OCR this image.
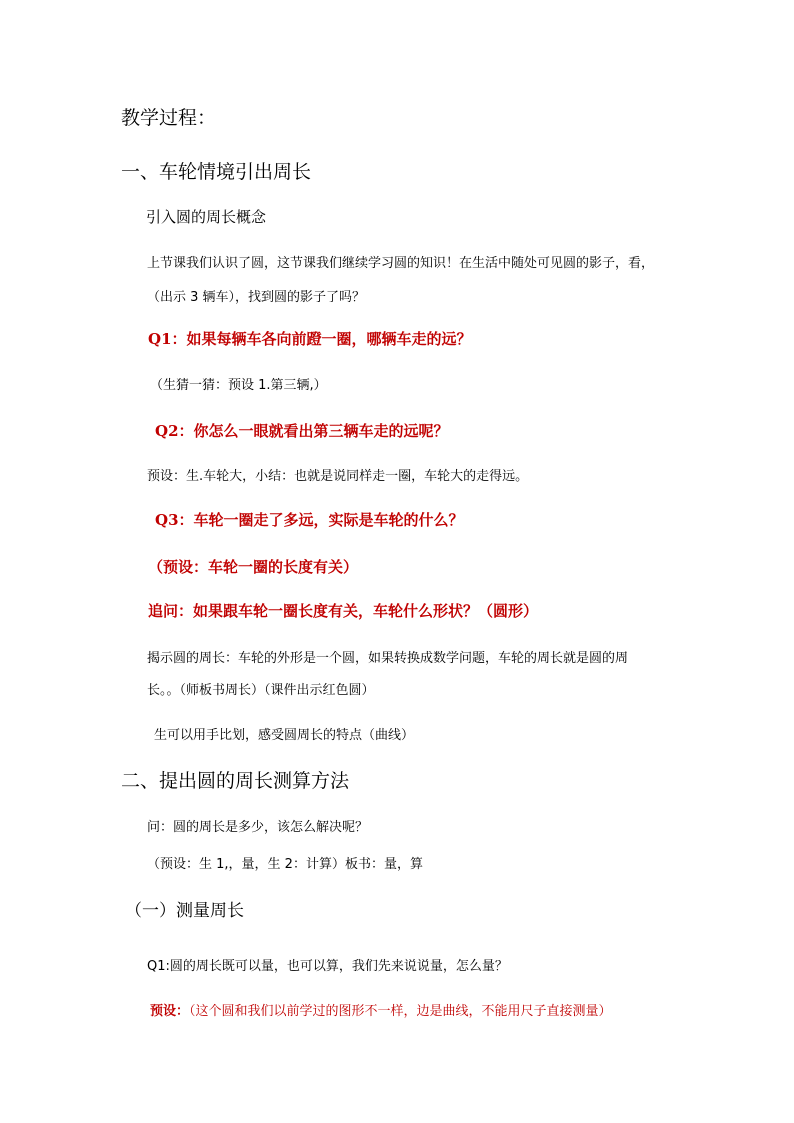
教学过程：
一、车轮情境引出周长
引入圆的周长概念
上节课我们认识了圆，这节课我们继续学习圆的知识！在生活中随处可见圆的影子，看，
（出示 3 辆车），找到圆的影子了吗？
Q1：如果每辆车各向前蹬一圈，哪辆车走的远？
（生猜一猜：预设 1.第三辆,）
Q2：你怎么一眼就看出第三辆车走的远呢？
预设：生.车轮大，小结：也就是说同样走一圈，车轮大的走得远。
Q3：车轮一圈走了多远，实际是车轮的什么？
（预设：车轮一圈的长度有关）
追问：如果跟车轮一圈长度有关，车轮什么形状？（圆形）
揭示圆的周长：车轮的外形是一个圆，如果转换成数学问题，车轮的周长就是圆的周
长。。（师板书周长）（课件出示红色圆）
生可以用手比划，感受圆周长的特点（曲线）
二、提出圆的周长测算方法
问：圆的周长是多少，该怎么解决呢？
（预设：生 1,，量，生 2：计算）板书：量，算
（一）测量周长
Q1:圆的周长既可以量，也可以算，我们先来说说量，怎么量？
预设：（这个圆和我们以前学过的图形不一样，边是曲线，不能用尺子直接测量）
